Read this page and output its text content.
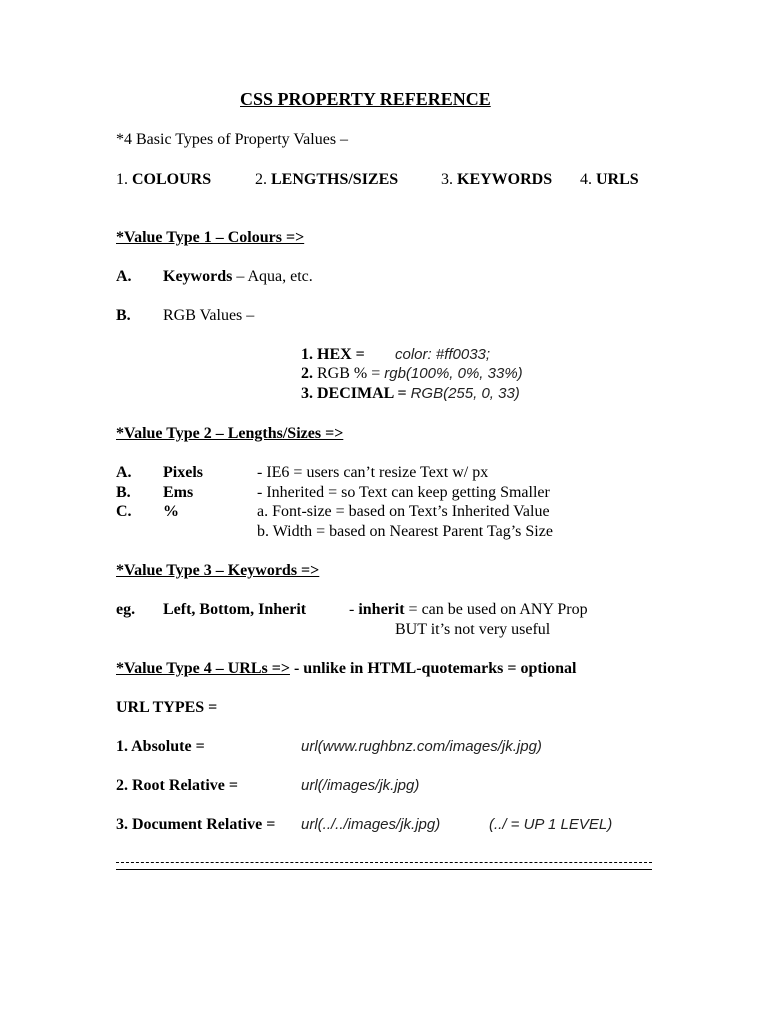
CSS PROPERTY REFERENCE
*4 Basic Types of Property Values –
1. COLOURS	2. LENGTHS/SIZES	3. KEYWORDS 4. URLS
*Value Type 1 – Colours =>
A. Keywords – Aqua, etc.
B. RGB Values –
1. HEX = color: #ff0033;
2. RGB % = rgb(100%, 0%, 33%)
3. DECIMAL = RGB(255, 0, 33)
*Value Type 2 – Lengths/Sizes =>
A. Pixels	- IE6 = users can’t resize Text w/ px
B. Ems	- Inherited = so Text can keep getting Smaller
C. %	a. Font-size = based on Text’s Inherited Value
b. Width = based on Nearest Parent Tag’s Size
*Value Type 3 – Keywords =>
eg. Left, Bottom, Inherit	- inherit = can be used on ANY Prop
BUT it’s not very useful
*Value Type 4 – URLs => - unlike in HTML-quotemarks = optional
URL TYPES =
1. Absolute =	url(www.rughbnz.com/images/jk.jpg)
2. Root Relative =	url(/images/jk.jpg)
3. Document Relative = url(../../images/jk.jpg)	(../ = UP 1 LEVEL)
